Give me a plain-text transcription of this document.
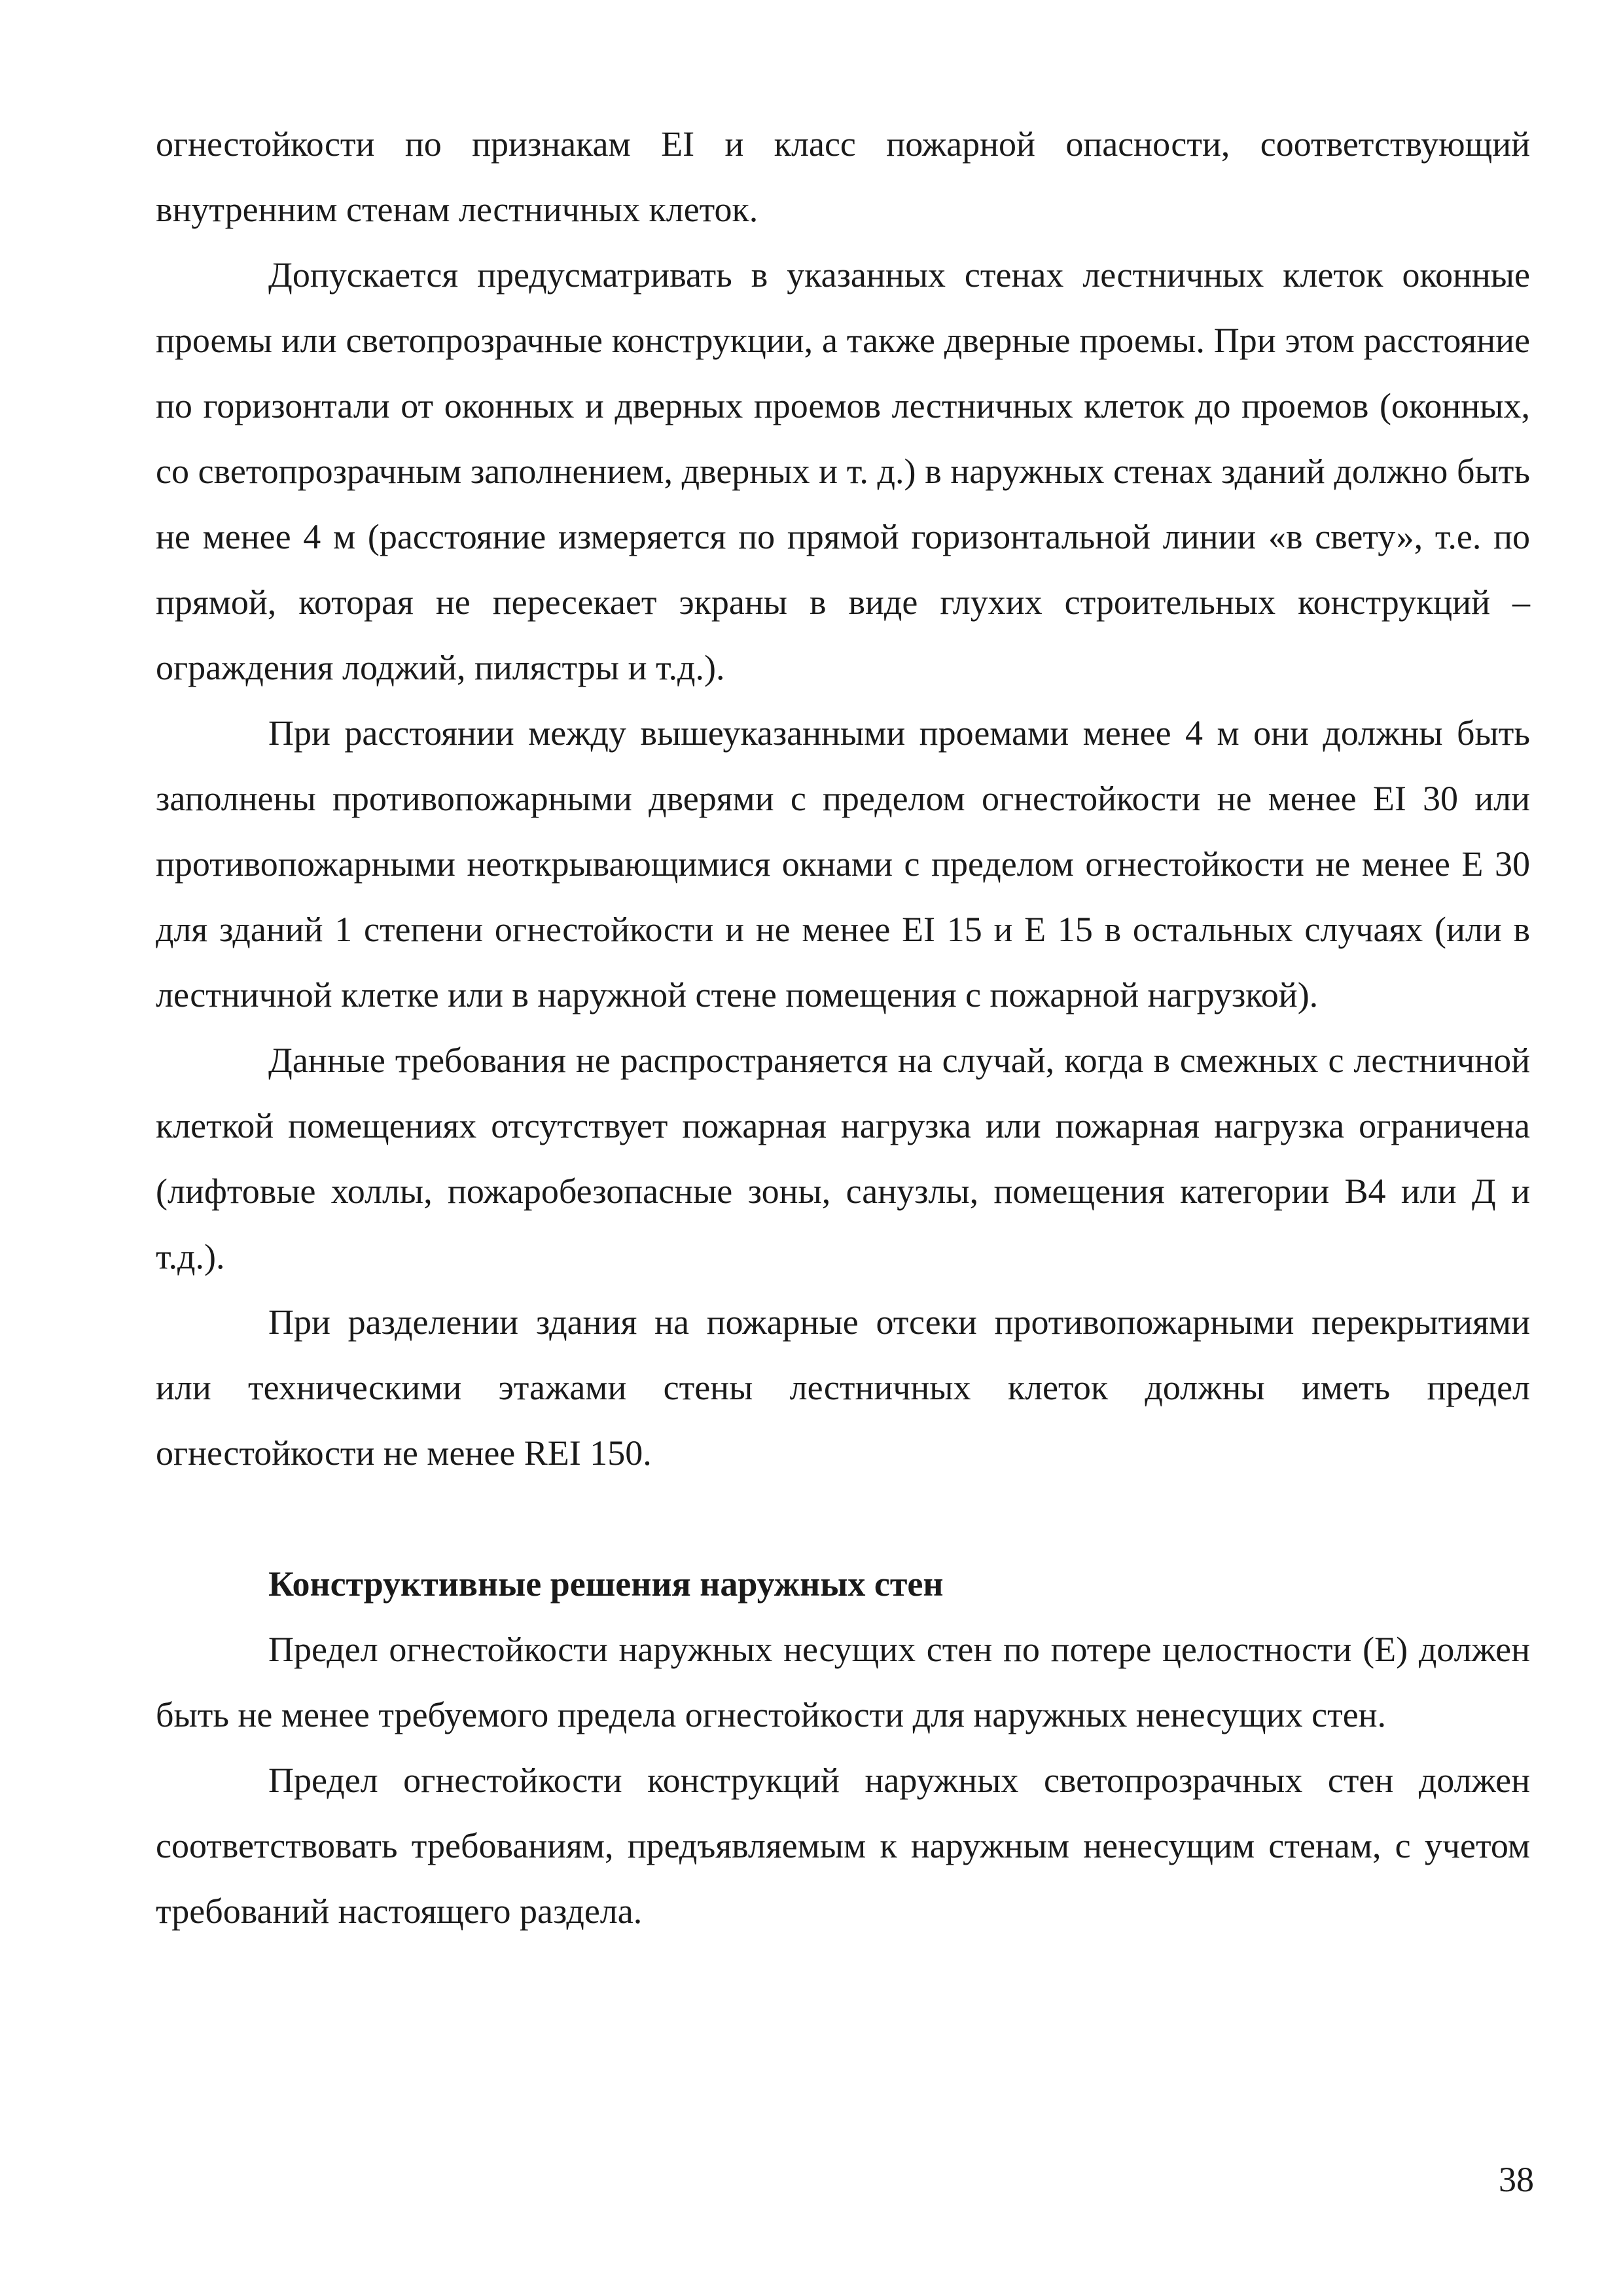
огнестойкости по признакам EI и класс пожарной опасности, соответствующий внутренним стенам лестничных клеток.

Допускается предусматривать в указанных стенах лестничных клеток оконные проемы или светопрозрачные конструкции, а также дверные проемы. При этом расстояние по горизонтали от оконных и дверных проемов лестничных клеток до проемов (оконных, со светопрозрачным заполнением, дверных и т. д.) в наружных стенах зданий должно быть не менее 4 м (расстояние измеряется по прямой горизонтальной линии «в свету», т.е. по прямой, которая не пересекает экраны в виде глухих строительных конструкций – ограждения лоджий, пилястры и т.д.).

При расстоянии между вышеуказанными проемами менее 4 м они должны быть заполнены противопожарными дверями с пределом огнестойкости не менее EI 30 или противопожарными неоткрывающимися окнами с пределом огнестойкости не менее Е 30 для зданий 1 степени огнестойкости и не менее EI 15 и Е 15 в остальных случаях (или в лестничной клетке или в наружной стене помещения с пожарной нагрузкой).

Данные требования не распространяется на случай, когда в смежных с лестничной клеткой помещениях отсутствует пожарная нагрузка или пожарная нагрузка ограничена (лифтовые холлы, пожаробезопасные зоны, санузлы, помещения категории В4 или Д и т.д.).

При разделении здания на пожарные отсеки противопожарными перекрытиями или техническими этажами стены лестничных клеток должны иметь предел огнестойкости не менее REI 150.

Конструктивные решения наружных стен

Предел огнестойкости наружных несущих стен по потере целостности (Е) должен быть не менее требуемого предела огнестойкости для наружных ненесущих стен.

Предел огнестойкости конструкций наружных светопрозрачных стен должен соответствовать требованиям, предъявляемым к наружным ненесущим стенам, с учетом требований настоящего раздела.

38
